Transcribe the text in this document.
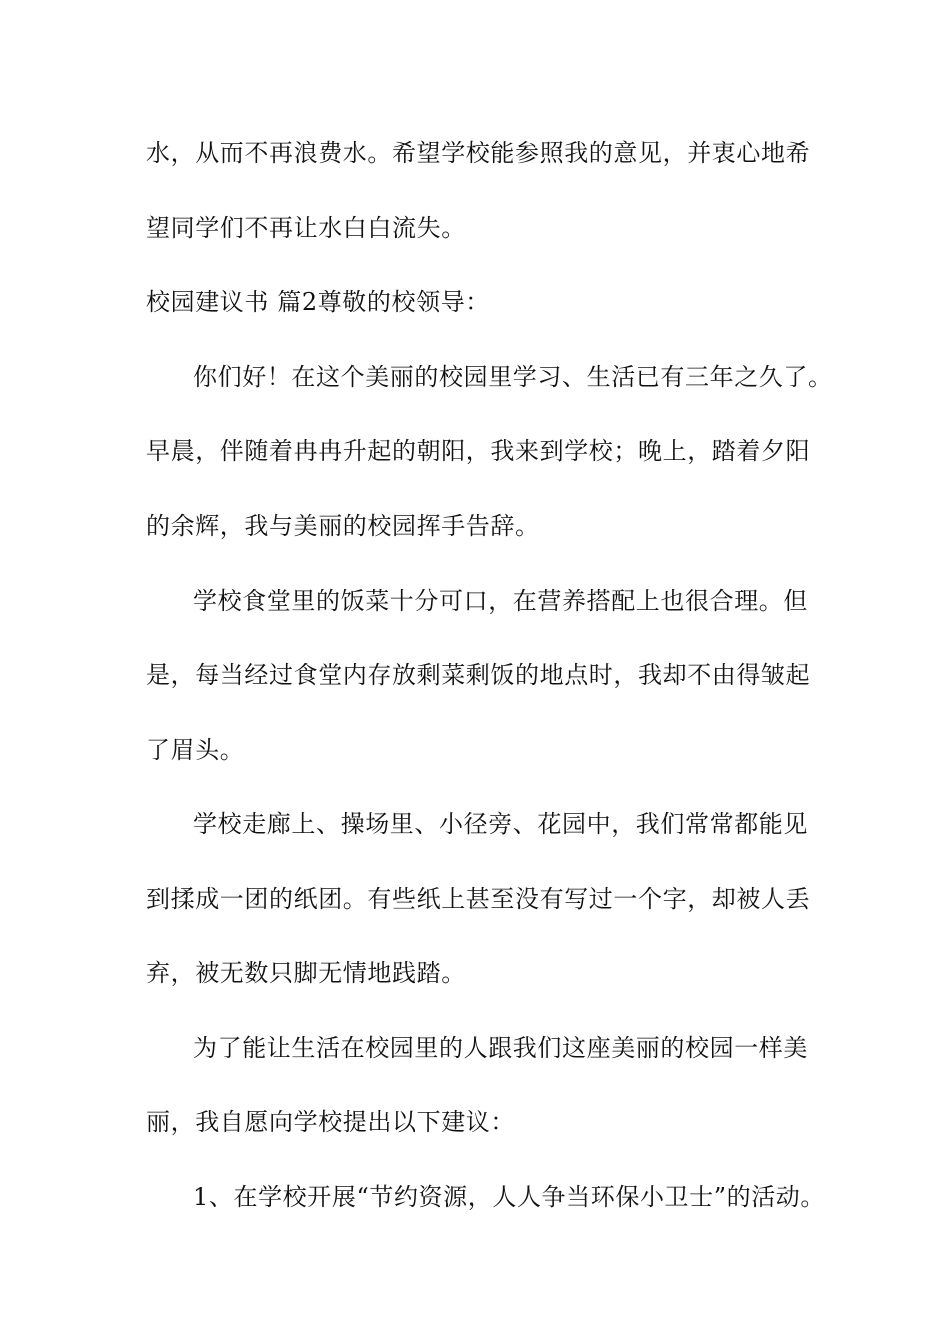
水，从而不再浪费水。希望学校能参照我的意见，并衷心地希
望同学们不再让水白白流失。
校园建议书 篇2尊敬的校领导：
你们好！在这个美丽的校园里学习、生活已有三年之久了。
早晨，伴随着冉冉升起的朝阳，我来到学校；晚上，踏着夕阳
的余辉，我与美丽的校园挥手告辞。
学校食堂里的饭菜十分可口，在营养搭配上也很合理。但
是，每当经过食堂内存放剩菜剩饭的地点时，我却不由得皱起
了眉头。
学校走廊上、操场里、小径旁、花园中，我们常常都能见
到揉成一团的纸团。有些纸上甚至没有写过一个字，却被人丢
弃，被无数只脚无情地践踏。
为了能让生活在校园里的人跟我们这座美丽的校园一样美
丽，我自愿向学校提出以下建议：
1、在学校开展“节约资源，人人争当环保小卫士”的活动。
